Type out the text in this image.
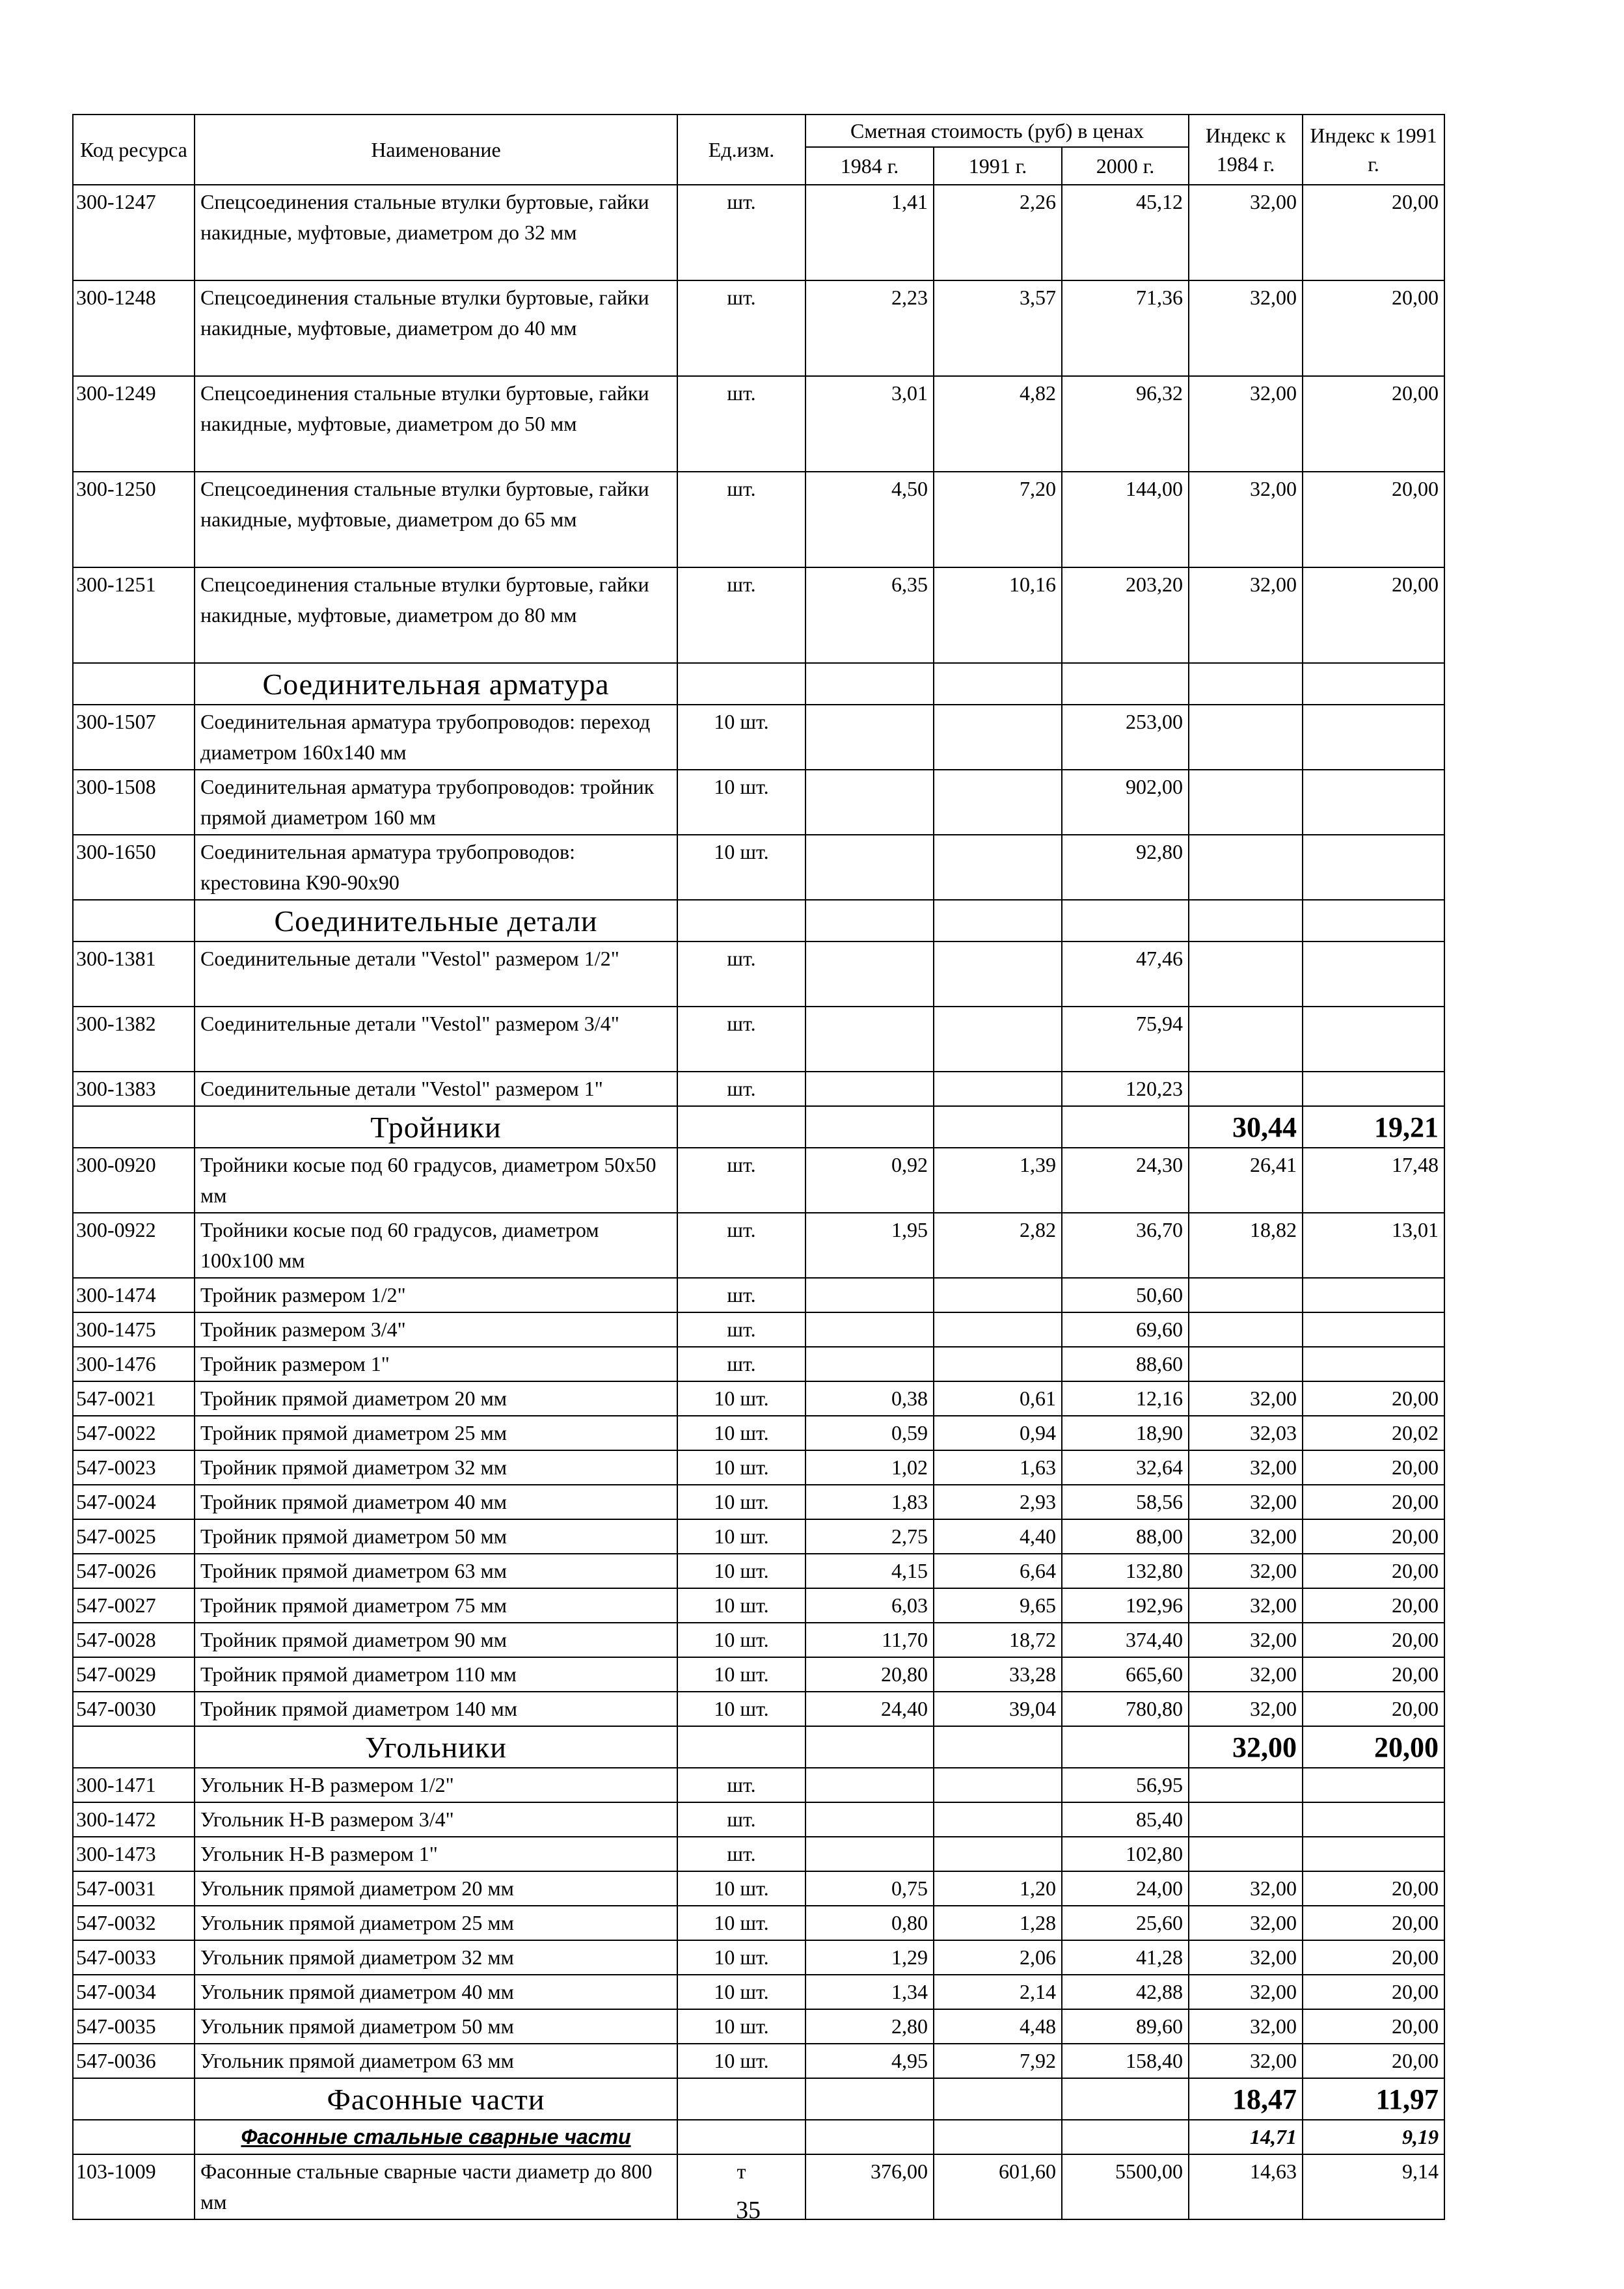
Код ресурса	Наименование	Ед.изм.	Сметная стоимость (руб) в ценах			Индекс к 1984 г.	Индекс к 1991 г.
			1984 г.	1991 г.	2000 г.		
300-1247	Спецсоединения стальные втулки буртовые, гайки накидные, муфтовые, диаметром до 32 мм	шт.	1,41	2,26	45,12	32,00	20,00
300-1248	Спецсоединения стальные втулки буртовые, гайки накидные, муфтовые, диаметром до 40 мм	шт.	2,23	3,57	71,36	32,00	20,00
300-1249	Спецсоединения стальные втулки буртовые, гайки накидные, муфтовые, диаметром до 50 мм	шт.	3,01	4,82	96,32	32,00	20,00
300-1250	Спецсоединения стальные втулки буртовые, гайки накидные, муфтовые, диаметром до 65 мм	шт.	4,50	7,20	144,00	32,00	20,00
300-1251	Спецсоединения стальные втулки буртовые, гайки накидные, муфтовые, диаметром до 80 мм	шт.	6,35	10,16	203,20	32,00	20,00
	Соединительная арматура						
300-1507	Соединительная арматура трубопроводов: переход диаметром 160x140 мм	10 шт.			253,00		
300-1508	Соединительная арматура трубопроводов: тройник прямой диаметром 160 мм	10 шт.			902,00		
300-1650	Соединительная арматура трубопроводов: крестовина К90-90x90	10 шт.			92,80		
	Соединительные детали						
300-1381	Соединительные детали "Vestol" размером 1/2"	шт.			47,46		
300-1382	Соединительные детали "Vestol" размером 3/4"	шт.			75,94		
300-1383	Соединительные детали "Vestol" размером 1"	шт.			120,23		
	Тройники					30,44	19,21
300-0920	Тройники косые под 60 градусов, диаметром 50x50 мм	шт.	0,92	1,39	24,30	26,41	17,48
300-0922	Тройники косые под 60 градусов, диаметром 100x100 мм	шт.	1,95	2,82	36,70	18,82	13,01
300-1474	Тройник размером 1/2"	шт.			50,60		
300-1475	Тройник размером 3/4"	шт.			69,60		
300-1476	Тройник размером 1"	шт.			88,60		
547-0021	Тройник прямой диаметром 20 мм	10 шт.	0,38	0,61	12,16	32,00	20,00
547-0022	Тройник прямой диаметром 25 мм	10 шт.	0,59	0,94	18,90	32,03	20,02
547-0023	Тройник прямой диаметром 32 мм	10 шт.	1,02	1,63	32,64	32,00	20,00
547-0024	Тройник прямой диаметром 40 мм	10 шт.	1,83	2,93	58,56	32,00	20,00
547-0025	Тройник прямой диаметром 50 мм	10 шт.	2,75	4,40	88,00	32,00	20,00
547-0026	Тройник прямой диаметром 63 мм	10 шт.	4,15	6,64	132,80	32,00	20,00
547-0027	Тройник прямой диаметром 75 мм	10 шт.	6,03	9,65	192,96	32,00	20,00
547-0028	Тройник прямой диаметром 90 мм	10 шт.	11,70	18,72	374,40	32,00	20,00
547-0029	Тройник прямой диаметром 110 мм	10 шт.	20,80	33,28	665,60	32,00	20,00
547-0030	Тройник прямой диаметром 140 мм	10 шт.	24,40	39,04	780,80	32,00	20,00
	Угольники					32,00	20,00
300-1471	Угольник Н-В размером 1/2"	шт.			56,95		
300-1472	Угольник Н-В размером 3/4"	шт.			85,40		
300-1473	Угольник Н-В размером 1"	шт.			102,80		
547-0031	Угольник прямой диаметром 20 мм	10 шт.	0,75	1,20	24,00	32,00	20,00
547-0032	Угольник прямой диаметром 25 мм	10 шт.	0,80	1,28	25,60	32,00	20,00
547-0033	Угольник прямой диаметром 32 мм	10 шт.	1,29	2,06	41,28	32,00	20,00
547-0034	Угольник прямой диаметром 40 мм	10 шт.	1,34	2,14	42,88	32,00	20,00
547-0035	Угольник прямой диаметром 50 мм	10 шт.	2,80	4,48	89,60	32,00	20,00
547-0036	Угольник прямой диаметром 63 мм	10 шт.	4,95	7,92	158,40	32,00	20,00
	Фасонные части					18,47	11,97
	Фасонные стальные сварные части					14,71	9,19
103-1009	Фасонные стальные сварные части диаметр до 800 мм	т	376,00	601,60	5500,00	14,63	9,14
35
